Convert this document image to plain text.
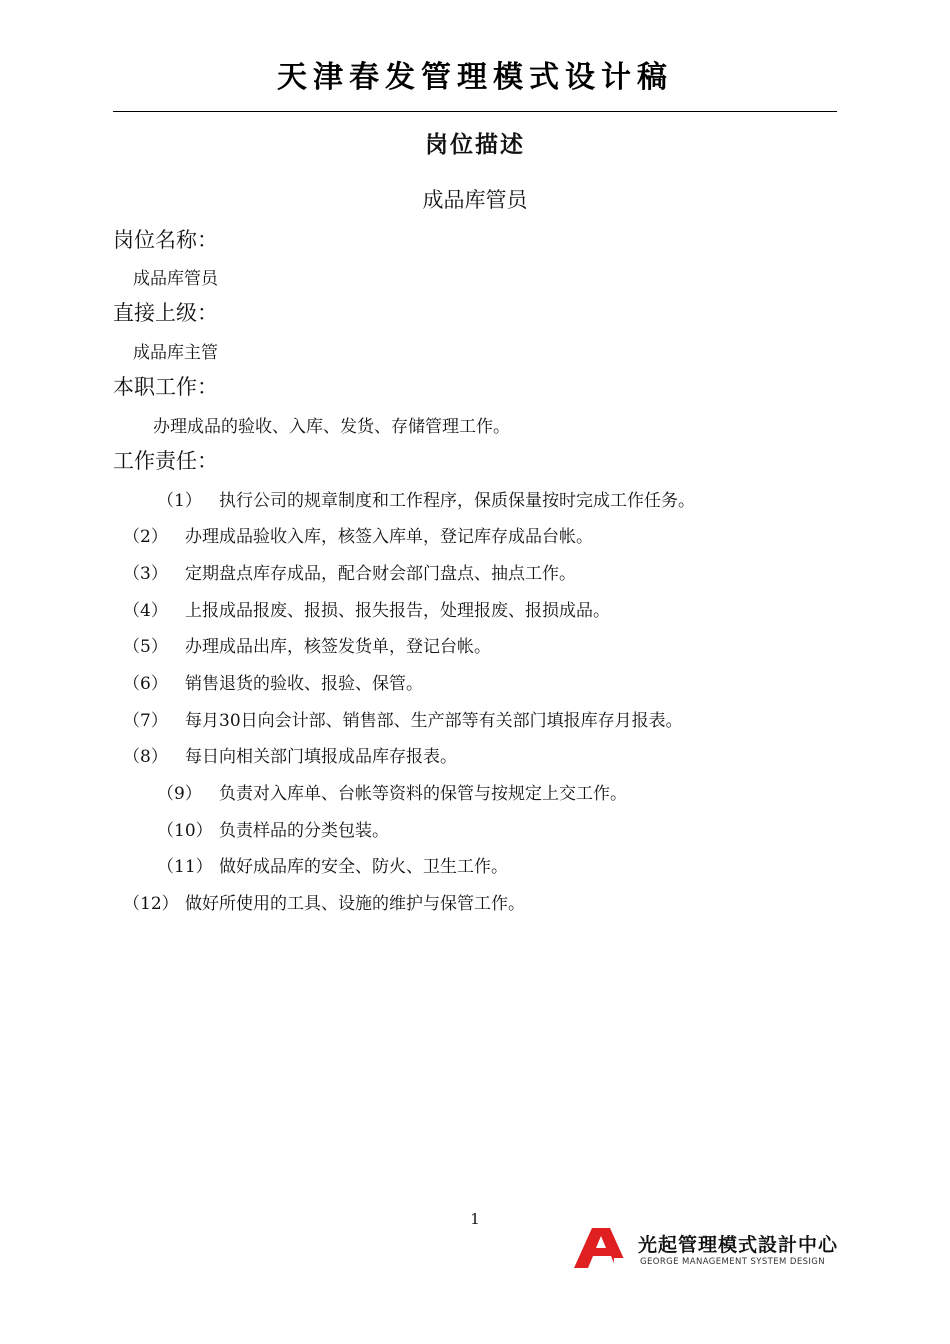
天津春发管理模式设计稿
岗位描述
成品库管员
岗位名称：
成品库管员
直接上级：
成品库主管
本职工作：
办理成品的验收、入库、发货、存储管理工作。
工作责任：
（1） 执行公司的规章制度和工作程序，保质保量按时完成工作任务。
（2） 办理成品验收入库，核签入库单，登记库存成品台帐。
（3） 定期盘点库存成品，配合财会部门盘点、抽点工作。
（4） 上报成品报废、报损、报失报告，处理报废、报损成品。
（5） 办理成品出库，核签发货单，登记台帐。
（6） 销售退货的验收、报验、保管。
（7） 每月30日向会计部、销售部、生产部等有关部门填报库存月报表。
（8） 每日向相关部门填报成品库存报表。
（9） 负责对入库单、台帐等资料的保管与按规定上交工作。
（10） 负责样品的分类包装。
（11） 做好成品库的安全、防火、卫生工作。
（12） 做好所使用的工具、设施的维护与保管工作。
1
光起管理模式設計中心
GEORGE MANAGEMENT SYSTEM DESIGN
